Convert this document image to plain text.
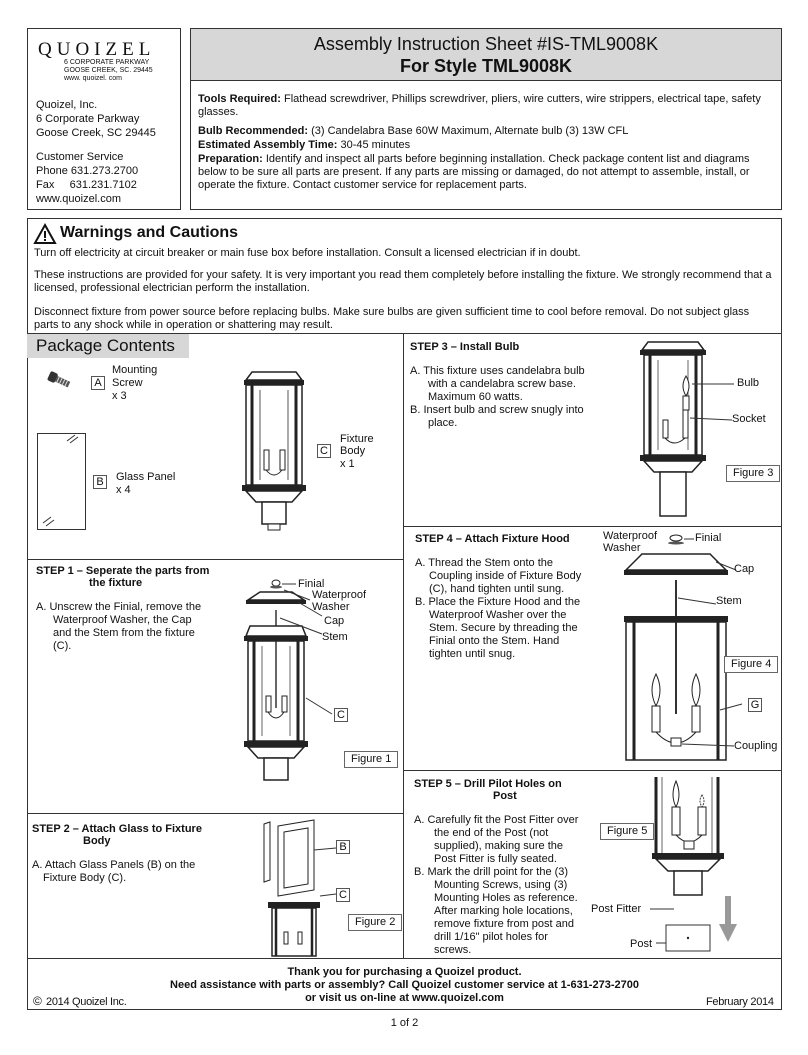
QUOIZEL
6 CORPORATE PARKWAY
GOOSE CREEK, SC. 29445
www. quoizel. com
Quoizel, Inc.
6 Corporate Parkway
Goose Creek, SC 29445
Customer Service
Phone 631.273.2700
Fax     631.231.7102
www.quoizel.com
Assembly Instruction Sheet #IS-TML9008K
For Style TML9008K
Tools Required: Flathead screwdriver, Phillips screwdriver, pliers, wire cutters, wire strippers, electrical tape, safety glasses.
Bulb Recommended: (3) Candelabra Base 60W Maximum, Alternate bulb (3) 13W CFL
Estimated Assembly Time: 30-45 minutes
Preparation: Identify and inspect all parts before beginning installation. Check package content list and diagrams below to be sure all parts are present. If any parts are missing or damaged, do not attempt to assemble, install, or operate the fixture. Contact customer service for replacement parts.
Warnings and Cautions
Turn off electricity at circuit breaker or main fuse box before installation. Consult a licensed electrician if in doubt.
These instructions are provided for your safety. It is very important you read them completely before installing the fixture. We strongly recommend that a licensed, professional electrician perform the installation.
Disconnect fixture from power source before replacing bulbs. Make sure bulbs are given sufficient time to cool before removal. Do not subject glass parts to any shock while in operation or shattering may result.
Package Contents
A
Mounting
Screw
x 3
B	Glass Panel
x 4
C
Fixture
Body
x 1
STEP 1 – Seperate the parts from
the fixture
A. Unscrew the Finial, remove the
Waterproof Washer, the Cap
and the Stem from the fixture
(C).
Finial
Waterproof
Washer
Cap
Stem
C
Figure 1
STEP 2 – Attach Glass to Fixture
Body
A. Attach Glass Panels (B) on the
Fixture Body (C).
B
C
Figure 2
STEP 3 – Install Bulb
A. This fixture uses candelabra bulb
with a candelabra screw base.
Maximum 60 watts.
B. Insert bulb and screw snugly into
place.
Bulb
Socket
Figure 3
STEP 4 – Attach Fixture Hood
A. Thread the Stem onto the
Coupling inside of Fixture Body
(C), hand tighten until sung.
B. Place the Fixture Hood and the
Waterproof Washer over the
Stem. Secure by threading the
Finial onto the Stem. Hand
tighten until snug.
Waterproof
Washer
Finial
Cap
Stem
Figure 4
G
Coupling
STEP 5 – Drill Pilot Holes on
Post
A. Carefully fit the Post Fitter over
the end of the Post (not
supplied), making sure the
Post Fitter is fully seated.
B. Mark the drill point for the (3)
Mounting Screws, using (3)
Mounting Holes as reference.
After marking hole locations,
remove fixture from post and
drill 1/16" pilot holes for
screws.
Figure 5
Post Fitter
Post
Thank you for purchasing a Quoizel product.
Need assistance with parts or assembly? Call Quoizel customer service at 1-631-273-2700
or visit us on-line at www.quoizel.com
© 2014 Quoizel Inc.	February 2014
1 of 2
